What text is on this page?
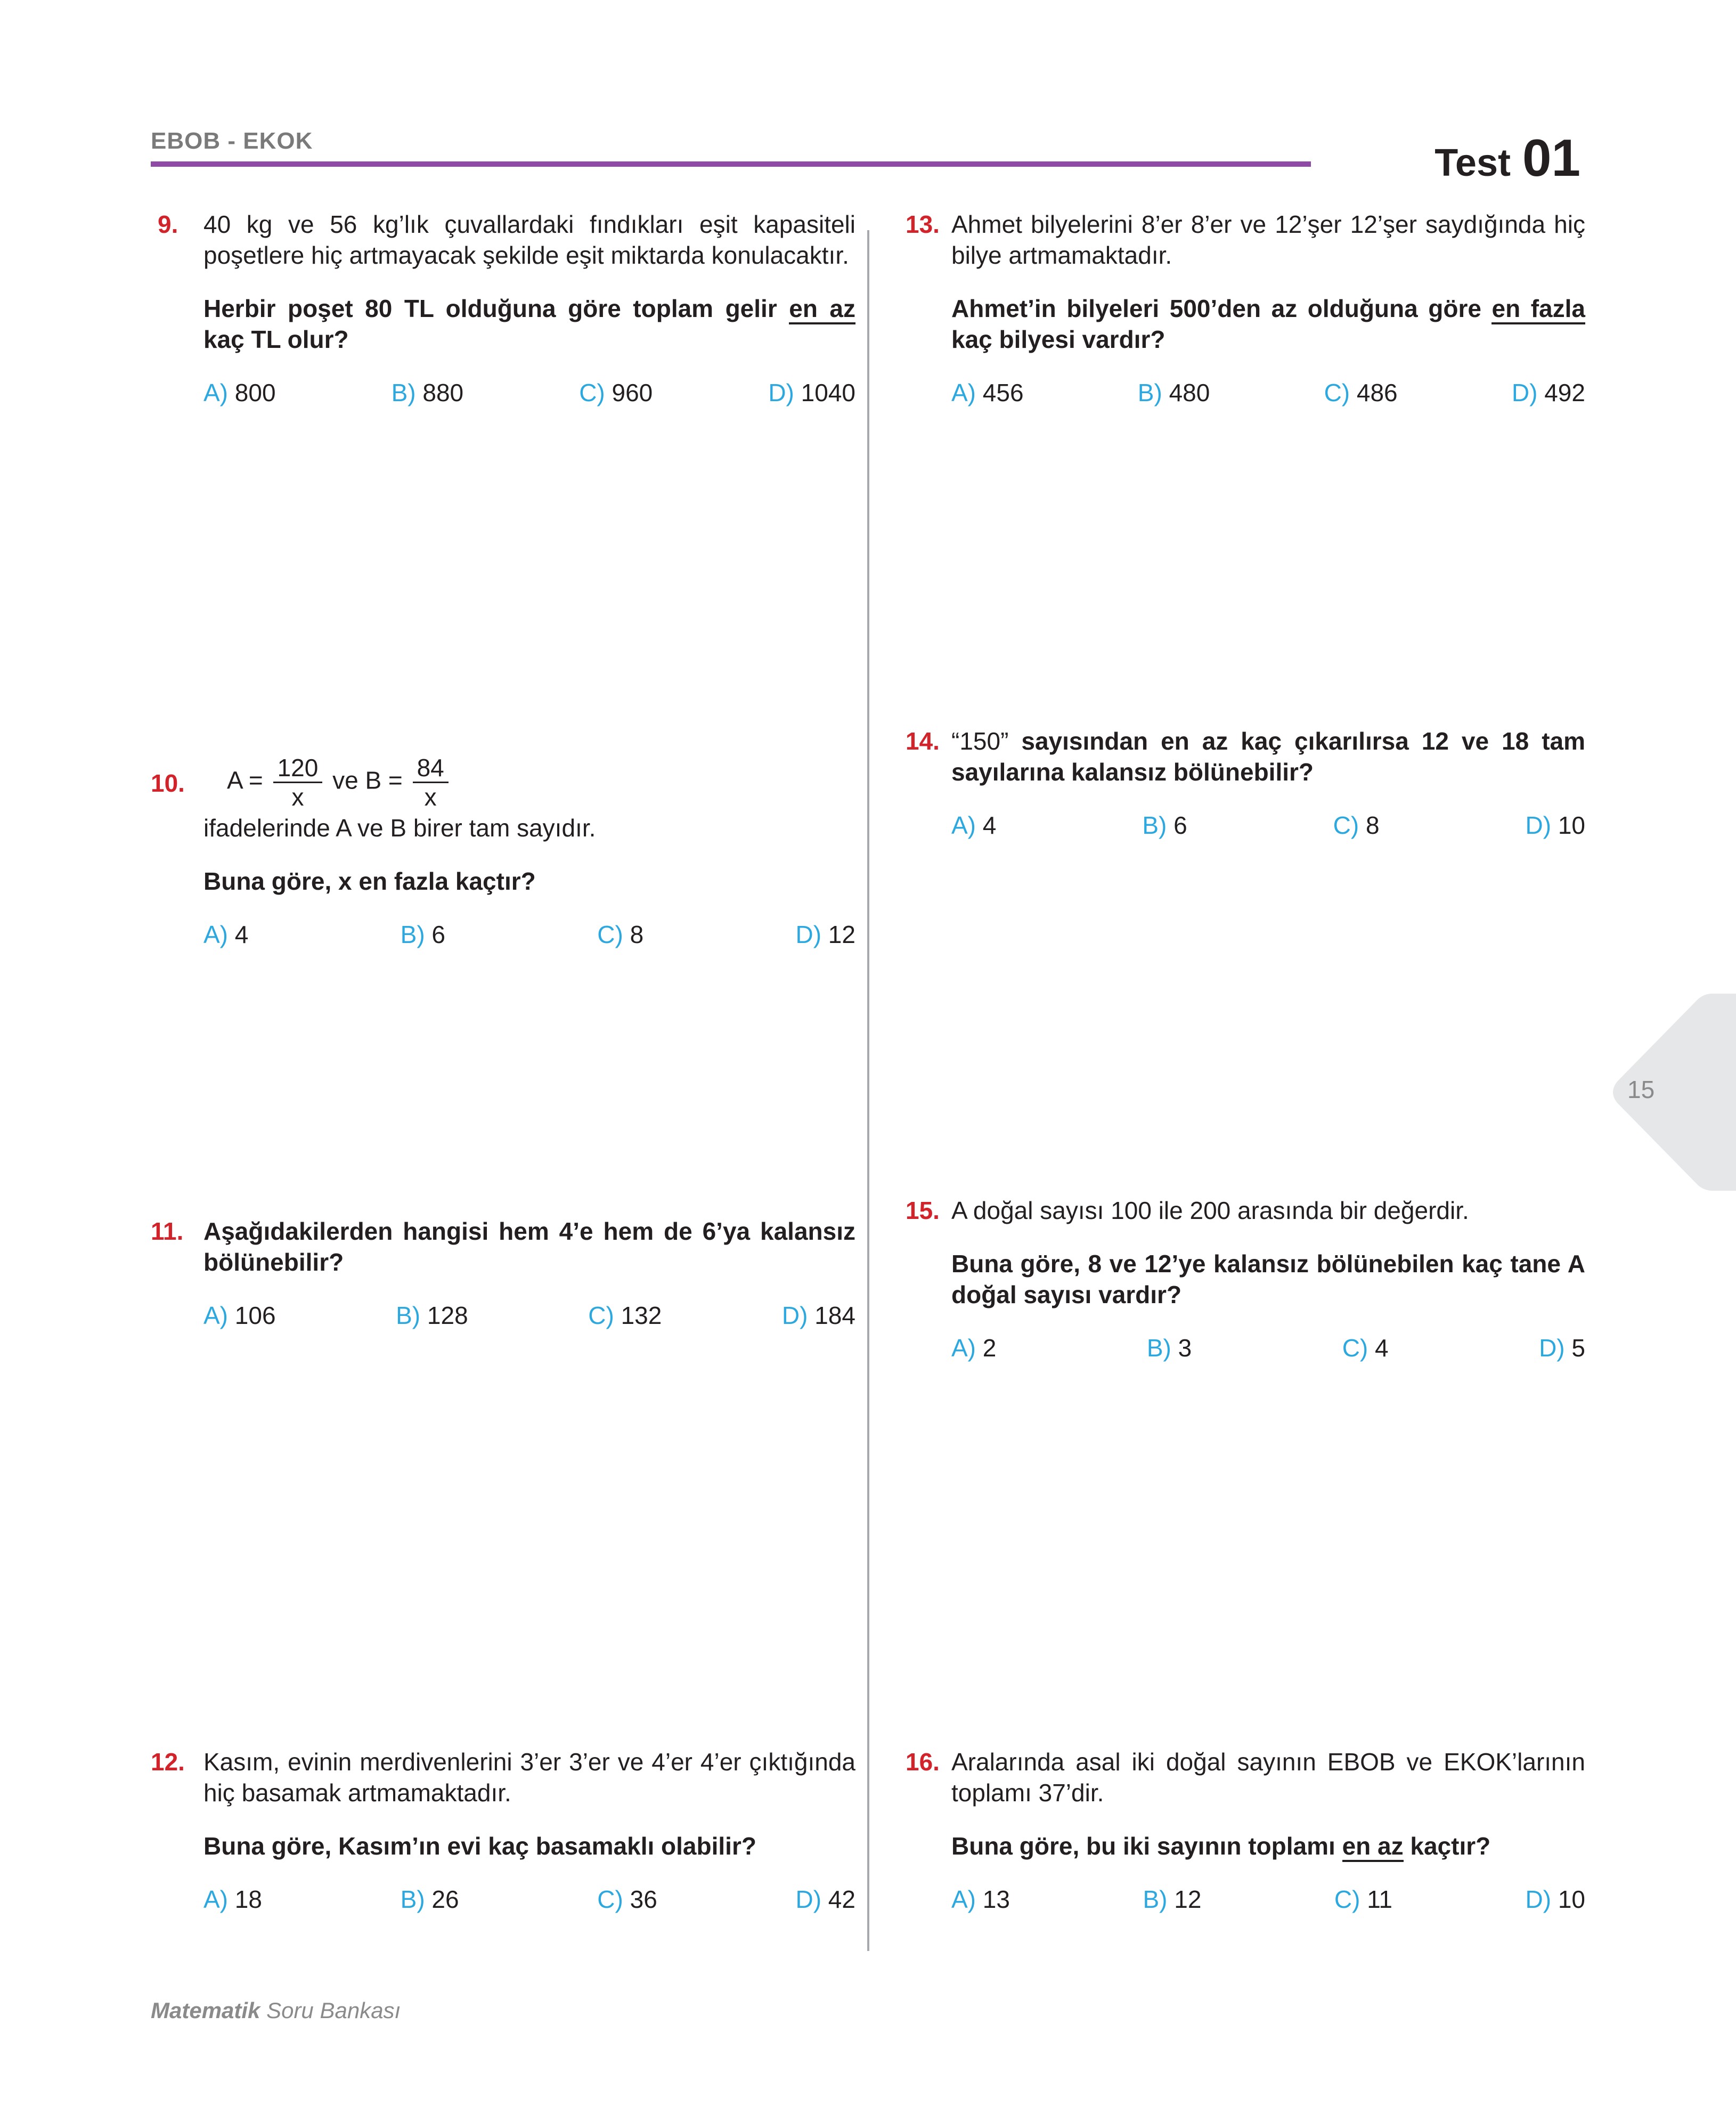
EBOB - EKOK
Test 01
9. 40 kg ve 56 kg’lık çuvallardaki fındıkları eşit kapasiteli poşetlere hiç artmayacak şekilde eşit miktarda konulacaktır.
Herbir poşet 80 TL olduğuna göre toplam gelir en az kaç TL olur?
A) 800	B) 880	C) 960	D) 1040
10.	$A = \frac{120}{x}$ ve $B = \frac{84}{x}$
ifadelerinde A ve B birer tam sayıdır.
Buna göre, x en fazla kaçtır?
A) 4	B) 6	C) 8	D) 12
11. Aşağıdakilerden hangisi hem 4’e hem de 6’ya kalansız bölünebilir?
A) 106	B) 128	C) 132	D) 184
12. Kasım, evinin merdivenlerini 3’er 3’er ve 4’er 4’er çıktığında hiç basamak artmamaktadır.
Buna göre, Kasım’ın evi kaç basamaklı olabilir?
A) 18	B) 26	C) 36	D) 42
13. Ahmet bilyelerini 8’er 8’er ve 12’şer 12’şer saydığında hiç bilye artmamaktadır.
Ahmet’in bilyeleri 500’den az olduğuna göre en fazla kaç bilyesi vardır?
A) 456	B) 480	C) 486	D) 492
14. “150” sayısından en az kaç çıkarılırsa 12 ve 18 tam sayılarına kalansız bölünebilir?
A) 4	B) 6	C) 8	D) 10
15. A doğal sayısı 100 ile 200 arasında bir değerdir.
Buna göre, 8 ve 12’ye kalansız bölünebilen kaç tane A doğal sayısı vardır?
A) 2	B) 3	C) 4	D) 5
16. Aralarında asal iki doğal sayının EBOB ve EKOK’larının toplamı 37’dir.
Buna göre, bu iki sayının toplamı en az kaçtır?
A) 13	B) 12	C) 11	D) 10
15
Matematik Soru Bankası
